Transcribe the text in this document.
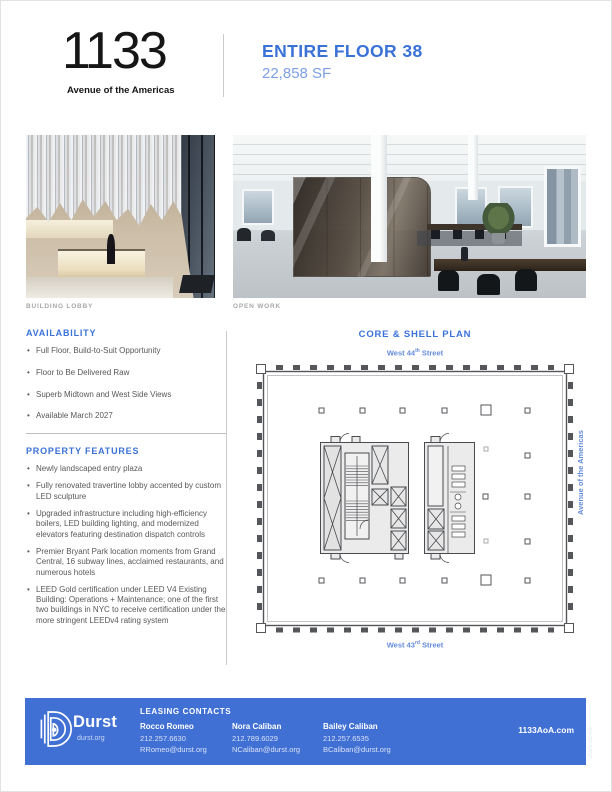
1133
Avenue of the Americas
ENTIRE FLOOR 38
22,858 SF
BUILDING LOBBY	OPEN WORK
AVAILABILITY
• Full Floor, Build-to-Suit Opportunity
• Floor to Be Delivered Raw
• Superb Midtown and West Side Views
• Available March 2027
PROPERTY FEATURES
• Newly landscaped entry plaza
• Fully renovated travertine lobby accented by custom LED sculpture
• Upgraded infrastructure including high-efficiency boilers, LED building lighting, and modernized elevators featuring destination dispatch controls
• Premier Bryant Park location moments from Grand Central, 16 subway lines, acclaimed restaurants, and numerous hotels
• LEED Gold certification under LEED V4 Existing Building: Operations + Maintenance; one of the first two buildings in NYC to receive certification under the more stringent LEEDv4 rating system
CORE & SHELL PLAN
West 44th Street
West 43rd Street
Avenue of the Americas
Durst
durst.org
LEASING CONTACTS
Rocco Romeo
212.257.6630
RRomeo@durst.org
Nora Caliban
212.789.6029
NCaliban@durst.org
Bailey Caliban
212.257.6535
BCaliban@durst.org
1133AoA.com 2025-02-03
